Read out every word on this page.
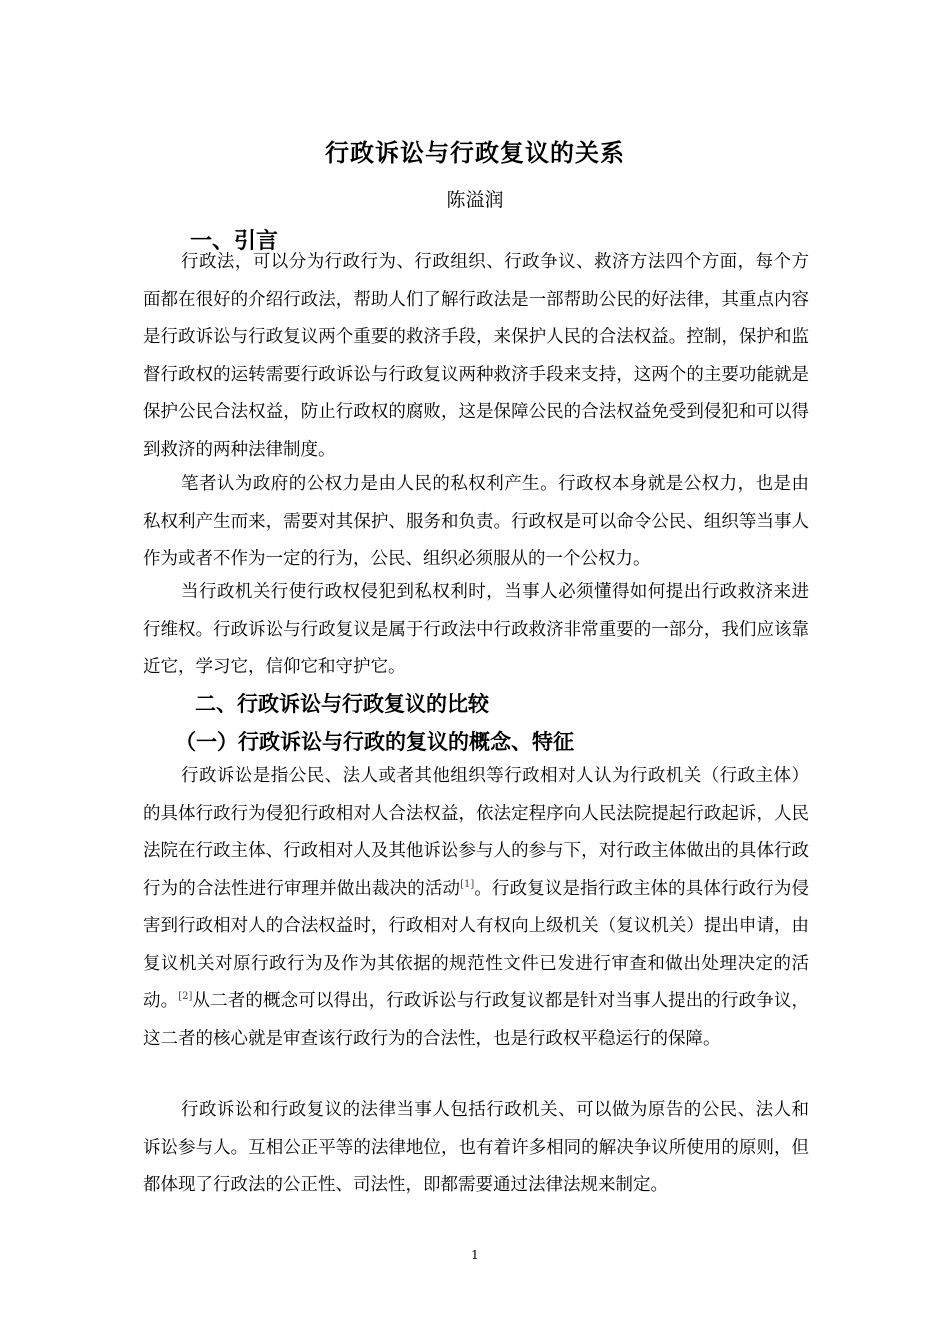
行政诉讼与行政复议的关系
陈溢润
一、引言

行政法，可以分为行政行为、行政组织、行政争议、救济方法四个方面，每个方面都在很好的介绍行政法，帮助人们了解行政法是一部帮助公民的好法律，其重点内容是行政诉讼与行政复议两个重要的救济手段，来保护人民的合法权益。控制，保护和监督行政权的运转需要行政诉讼与行政复议两种救济手段来支持，这两个的主要功能就是保护公民合法权益，防止行政权的腐败，这是保障公民的合法权益免受到侵犯和可以得到救济的两种法律制度。

笔者认为政府的公权力是由人民的私权利产生。行政权本身就是公权力，也是由私权利产生而来，需要对其保护、服务和负责。行政权是可以命令公民、组织等当事人作为或者不作为一定的行为，公民、组织必须服从的一个公权力。

当行政机关行使行政权侵犯到私权利时，当事人必须懂得如何提出行政救济来进行维权。行政诉讼与行政复议是属于行政法中行政救济非常重要的一部分，我们应该靠近它，学习它，信仰它和守护它。

二、行政诉讼与行政复议的比较
（一）行政诉讼与行政的复议的概念、特征

行政诉讼是指公民、法人或者其他组织等行政相对人认为行政机关（行政主体）的具体行政行为侵犯行政相对人合法权益，依法定程序向人民法院提起行政起诉，人民法院在行政主体、行政相对人及其他诉讼参与人的参与下，对行政主体做出的具体行政行为的合法性进行审理并做出裁决的活动[1]。行政复议是指行政主体的具体行政行为侵害到行政相对人的合法权益时，行政相对人有权向上级机关（复议机关）提出申请，由复议机关对原行政行为及作为其依据的规范性文件已发进行审查和做出处理决定的活动。[2]从二者的概念可以得出，行政诉讼与行政复议都是针对当事人提出的行政争议，这二者的核心就是审查该行政行为的合法性，也是行政权平稳运行的保障。

行政诉讼和行政复议的法律当事人包括行政机关、可以做为原告的公民、法人和诉讼参与人。互相公正平等的法律地位，也有着许多相同的解决争议所使用的原则，但都体现了行政法的公正性、司法性，即都需要通过法律法规来制定。

1
